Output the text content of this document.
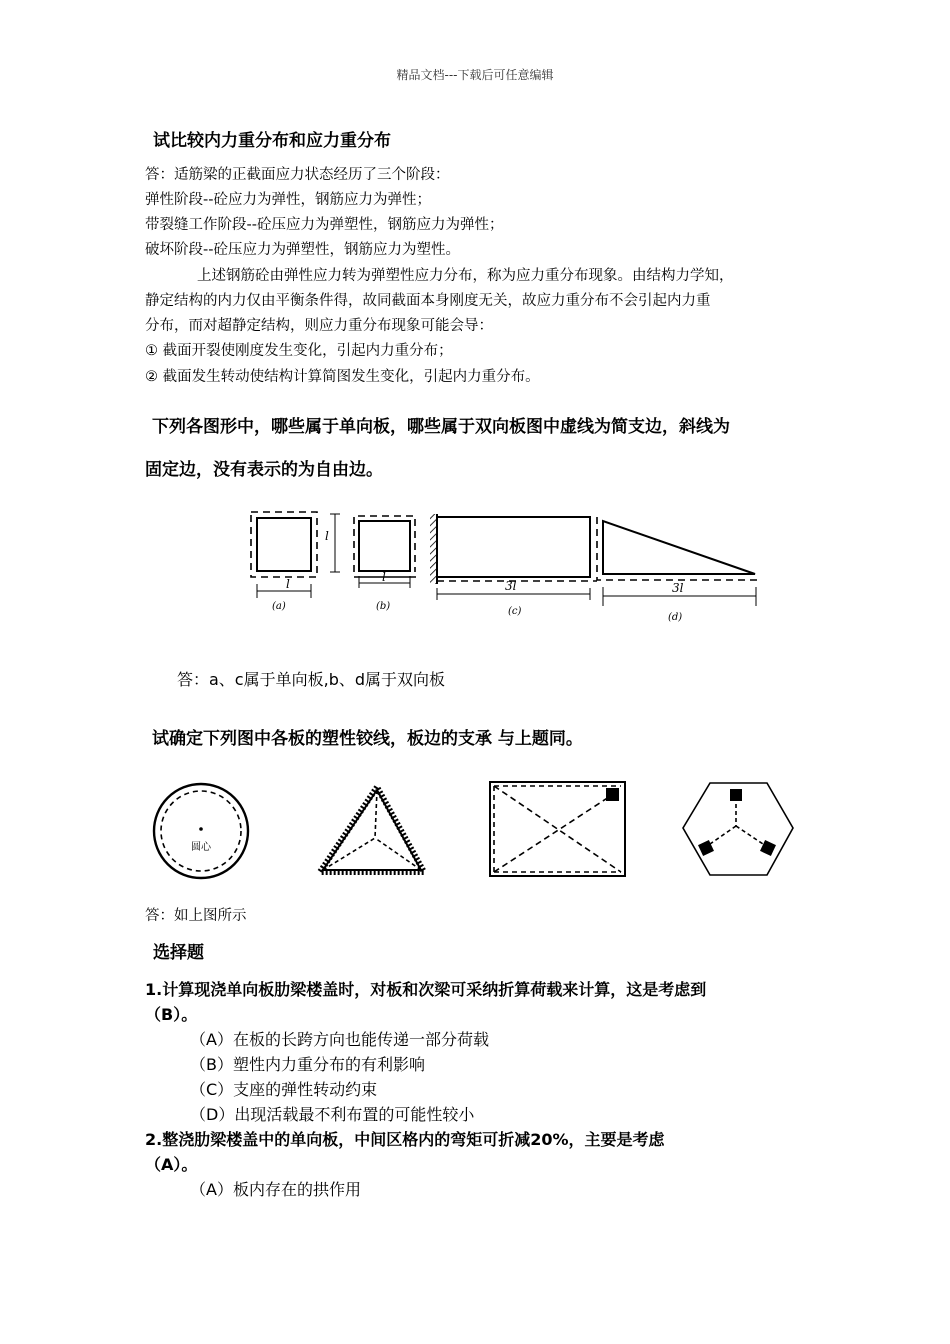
精品文档---下载后可任意编辑
试比较内力重分布和应力重分布
答：适筋梁的正截面应力状态经历了三个阶段：
弹性阶段--砼应力为弹性，钢筋应力为弹性；
带裂缝工作阶段--砼压应力为弹塑性，钢筋应力为弹性；
破坏阶段--砼压应力为弹塑性，钢筋应力为塑性。
上述钢筋砼由弹性应力转为弹塑性应力分布，称为应力重分布现象。由结构力学知，
静定结构的内力仅由平衡条件得，故同截面本身刚度无关，故应力重分布不会引起内力重
分布，而对超静定结构，则应力重分布现象可能会导：
① 截面开裂使刚度发生变化，引起内力重分布；
② 截面发生转动使结构计算简图发生变化，引起内力重分布。
下列各图形中，哪些属于单向板，哪些属于双向板图中虚线为简支边，斜线为
固定边，没有表示的为自由边。
l
l
(a)
l
(b)
3l
(c)
3l
(d)
答：a、c属于单向板,b、d属于双向板
试确定下列图中各板的塑性铰线，板边的支承 与上题同。
圆心
答：如上图所示
选择题
1.计算现浇单向板肋梁楼盖时，对板和次梁可采纳折算荷载来计算，这是考虑到
（B）。
（A）在板的长跨方向也能传递一部分荷载
（B）塑性内力重分布的有利影响
（C）支座的弹性转动约束
（D）出现活载最不利布置的可能性较小
2.整浇肋梁楼盖中的单向板，中间区格内的弯矩可折减20%，主要是考虑
（A）。
（A）板内存在的拱作用
